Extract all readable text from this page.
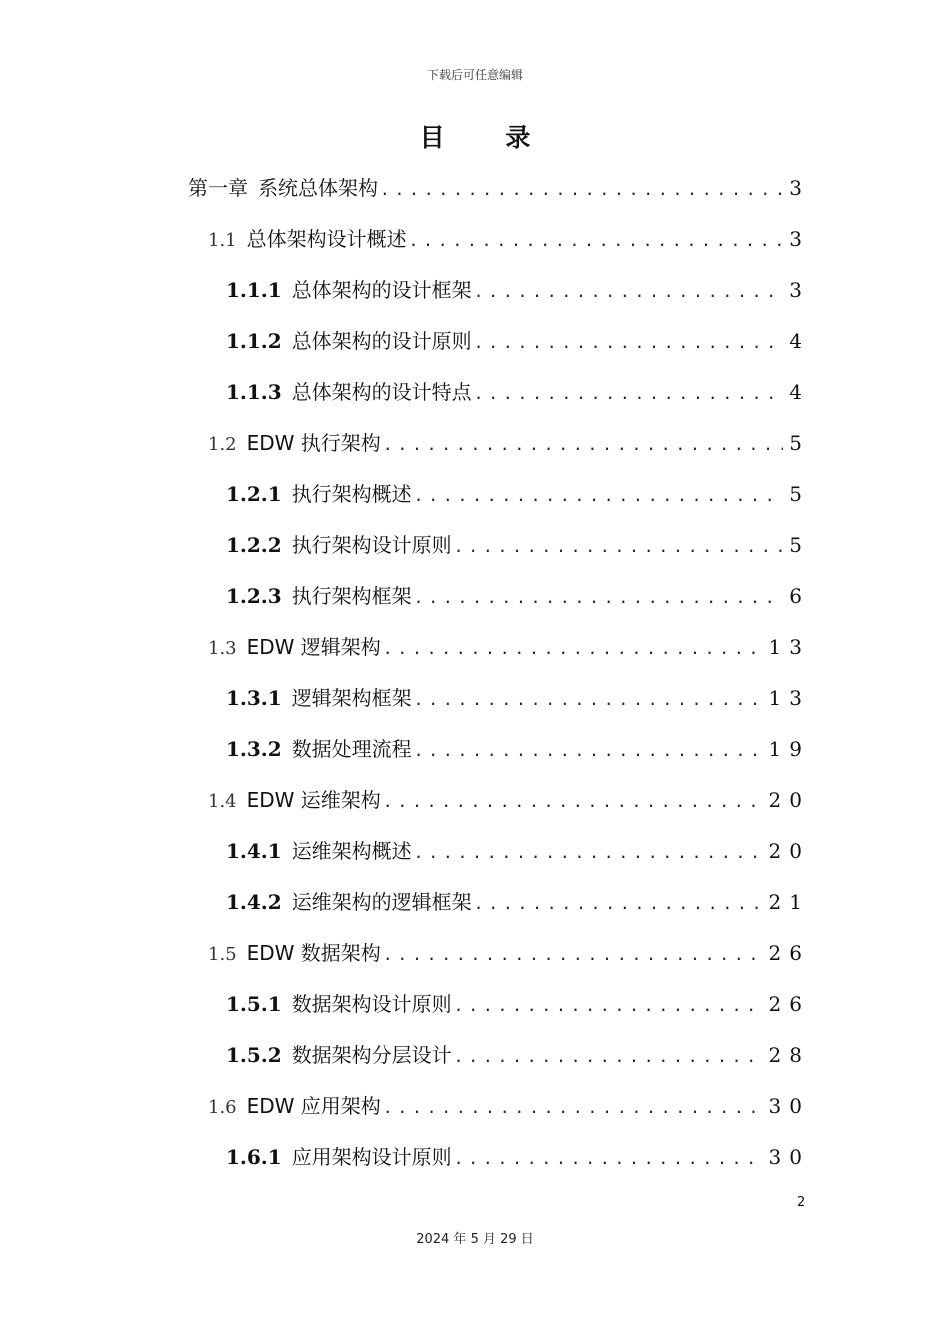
下载后可任意编辑
目 录
第一章 系统总体架构 .....	3
1.1 总体架构设计概述 .....	3
1.1.1 总体架构的设计框架 .....	3
1.1.2 总体架构的设计原则 .....	4
1.1.3 总体架构的设计特点 .....	4
1.2 EDW 执行架构 .....	5
1.2.1 执行架构概述 .....	5
1.2.2 执行架构设计原则 .....	5
1.2.3 执行架构框架 .....	6
1.3 EDW 逻辑架构 .....	13
1.3.1 逻辑架构框架 .....	13
1.3.2 数据处理流程 .....	19
1.4 EDW 运维架构 .....	20
1.4.1 运维架构概述 .....	20
1.4.2 运维架构的逻辑框架 .....	21
1.5 EDW 数据架构 .....	26
1.5.1 数据架构设计原则 .....	26
1.5.2 数据架构分层设计 .....	28
1.6 EDW 应用架构 .....	30
1.6.1 应用架构设计原则 .....	30
2
2024 年 5 月 29 日
